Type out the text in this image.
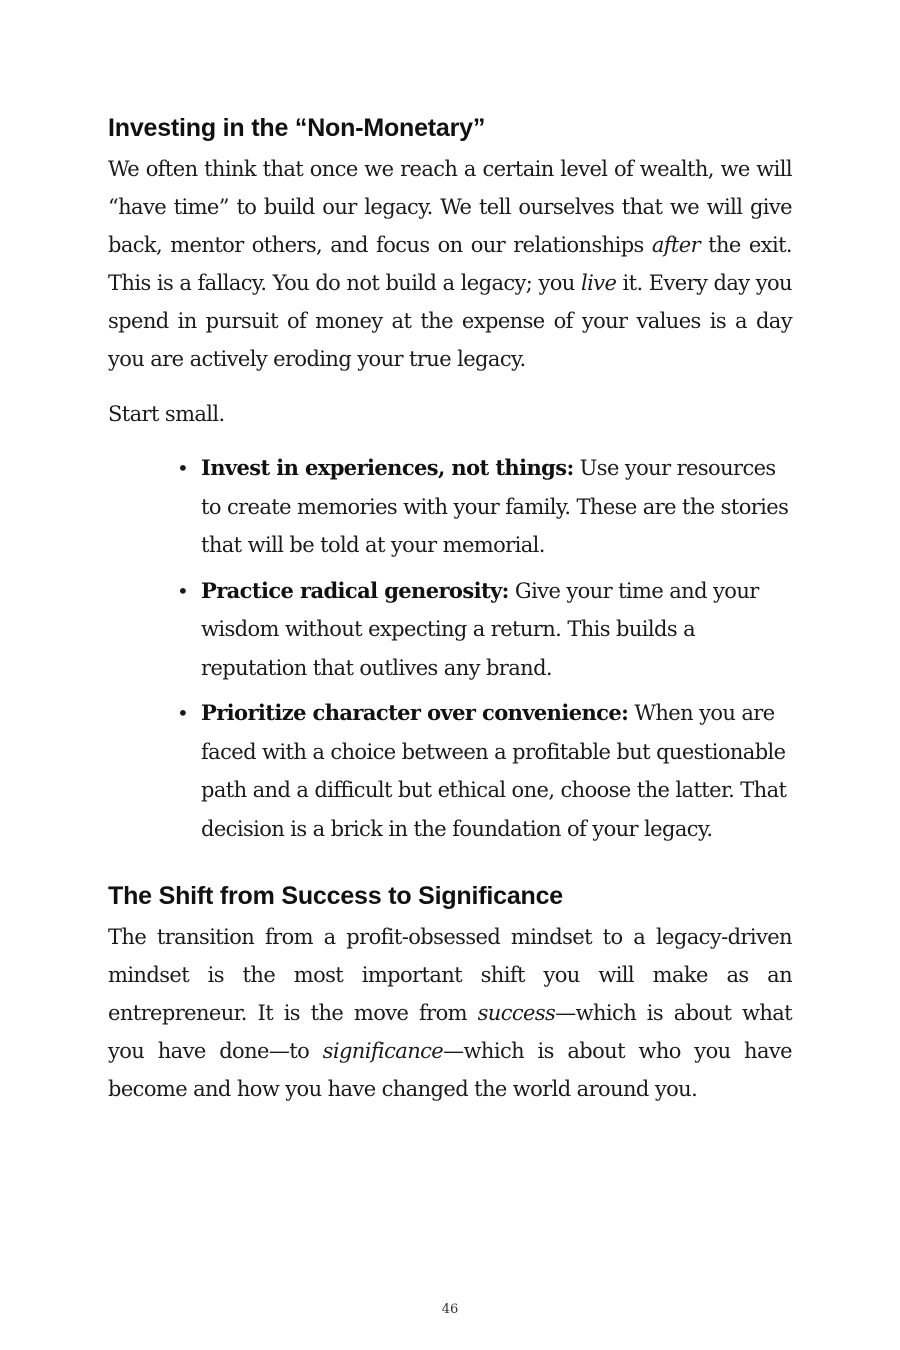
Investing in the “Non-Monetary”

We often think that once we reach a certain level of wealth, we will “have time” to build our legacy. We tell ourselves that we will give back, mentor others, and focus on our relationships after the exit. This is a fallacy. You do not build a legacy; you live it. Every day you spend in pursuit of money at the expense of your values is a day you are actively eroding your true legacy.

Start small.

• Invest in experiences, not things: Use your resources to create memories with your family. These are the stories that will be told at your memorial.
• Practice radical generosity: Give your time and your wisdom without expecting a return. This builds a reputation that outlives any brand.
• Prioritize character over convenience: When you are faced with a choice between a profitable but questionable path and a difficult but ethical one, choose the latter. That decision is a brick in the foundation of your legacy.
The Shift from Success to Significance

The transition from a profit-obsessed mindset to a legacy-driven mindset is the most important shift you will make as an entrepreneur. It is the move from success—which is about what you have done—to significance—which is about who you have become and how you have changed the world around you.

46
